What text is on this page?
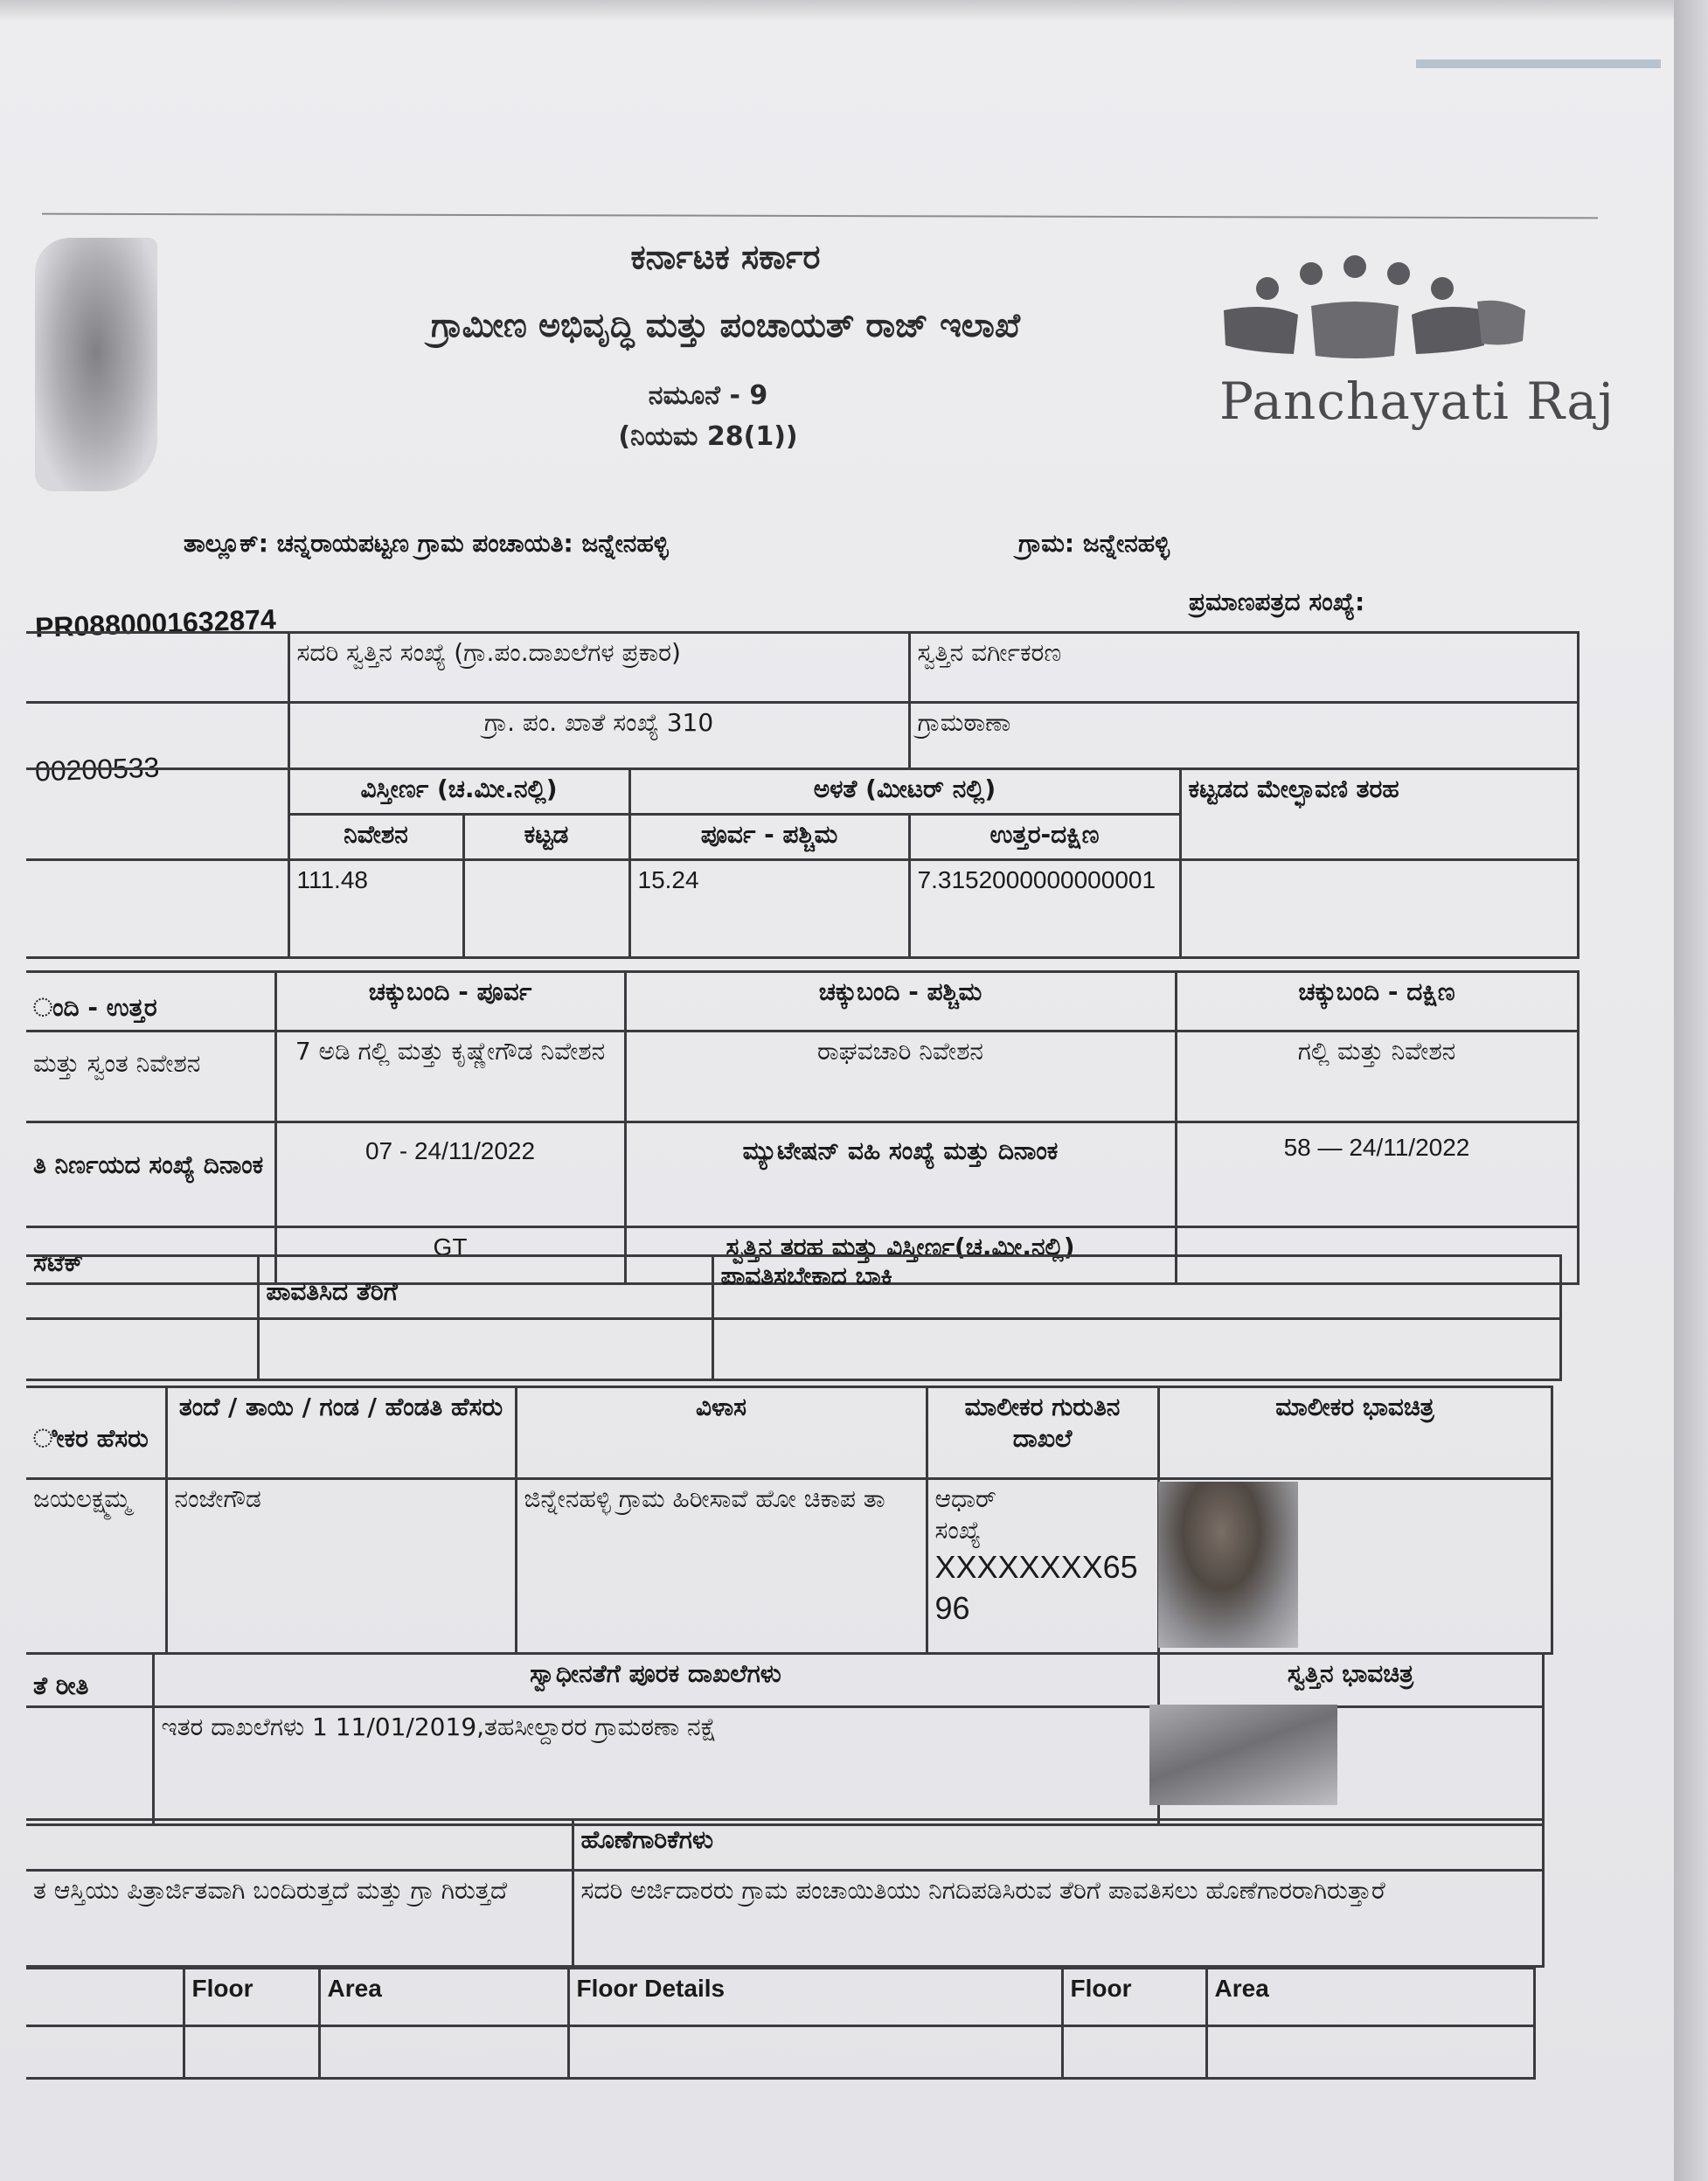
ಕರ್ನಾಟಕ ಸರ್ಕಾರ
ಗ್ರಾಮೀಣ ಅಭಿವೃದ್ಧಿ ಮತ್ತು ಪಂಚಾಯತ್ ರಾಜ್ ಇಲಾಖೆ
ನಮೂನೆ - 9
(ನಿಯಮ 28(1))
Panchayati Raj
ತಾಲ್ಲೂಕ್: ಚನ್ನರಾಯಪಟ್ಟಣ ಗ್ರಾಮ ಪಂಚಾಯತಿ: ಜನ್ನೇನಹಳ್ಳಿ	ಗ್ರಾಮ: ಜನ್ನೇನಹಳ್ಳಿ
ಪ್ರಮಾಣಪತ್ರದ ಸಂಖ್ಯೆ:
PR0880001632874
00200533
	ಸದರಿ ಸ್ವತ್ತಿನ ಸಂಖ್ಯೆ (ಗ್ರಾ.ಪಂ.ದಾಖಲೆಗಳ ಪ್ರಕಾರ)			ಸ್ವತ್ತಿನ ವರ್ಗೀಕರಣ	
	ಗ್ರಾ. ಪಂ. ಖಾತೆ ಸಂಖ್ಯೆ 310			ಗ್ರಾಮಠಾಣಾ	
	ವಿಸ್ತೀರ್ಣ (ಚ.ಮೀ.ನಲ್ಲಿ)		ಅಳತೆ (ಮೀಟರ್ ನಲ್ಲಿ)		ಕಟ್ಟಡದ ಮೇಲ್ಛಾವಣಿ ತರಹ
	ನಿವೇಶನ	ಕಟ್ಟಡ	ಪೂರ್ವ - ಪಶ್ಚಿಮ	ಉತ್ತರ-ದಕ್ಷಿಣ	
	111.48		15.24	7.3152000000000001	
ಂದಿ - ಉತ್ತರ	ಚಕ್ಕುಬಂದಿ - ಪೂರ್ವ	ಚಕ್ಕುಬಂದಿ - ಪಶ್ಚಿಮ	ಚಕ್ಕುಬಂದಿ - ದಕ್ಷಿಣ
ಮತ್ತು ಸ್ವಂತ ನಿವೇಶನ	7 ಅಡಿ ಗಲ್ಲಿ ಮತ್ತು ಕೃಷ್ಣೇಗೌಡ ನಿವೇಶನ	ರಾಘವಚಾರಿ ನಿವೇಶನ	ಗಲ್ಲಿ ಮತ್ತು ನಿವೇಶನ
ತಿ ನಿರ್ಣಯದ ಸಂಖ್ಯೆ ದಿನಾಂಕ	07 - 24/11/2022	ಮ್ಯುಟೇಷನ್ ವಹಿ ಸಂಖ್ಯೆ ಮತ್ತು ದಿನಾಂಕ	58 — 24/11/2022
ಸೆಟೆಕ್	GT	ಸ್ವತ್ತಿನ ತರಹ ಮತ್ತು ವಿಸ್ತೀರ್ಣ(ಚ.ಮೀ.ನಲ್ಲಿ)	
	ಪಾವತಿಸಿದ ತೆರಿಗೆ	ಪಾವತಿಸಬೇಕಾದ ಬಾಕಿ

ೀಕರ ಹೆಸರು	ತಂದೆ / ತಾಯಿ / ಗಂಡ / ಹೆಂಡತಿ ಹೆಸರು	ವಿಳಾಸ	ಮಾಲೀಕರ ಗುರುತಿನ ದಾಖಲೆ	ಮಾಲೀಕರ ಭಾವಚಿತ್ರ
ಜಯಲಕ್ಷ್ಮಮ್ಮ	ನಂಜೇಗೌಡ	ಜಿನ್ನೇನಹಳ್ಳಿ ಗ್ರಾಮ ಹಿರೀಸಾವೆ ಹೋ ಚಿಕಾಪ ತಾ	ಆಧಾರ್ ಸಂಖ್ಯೆ
XXXXXXXX6596	

ತೆ ರೀತಿ	ಸ್ವಾಧೀನತೆಗೆ ಪೂರಕ ದಾಖಲೆಗಳು	ಸ್ವತ್ತಿನ ಭಾವಚಿತ್ರ
	ಇತರ ದಾಖಲೆಗಳು 1 11/01/2019,ತಹಸೀಲ್ದಾರರ ಗ್ರಾಮಠಣಾ ನಕ್ಷೆ	
	ಹೊಣೆಗಾರಿಕೆಗಳು
ತ ಆಸ್ತಿಯು ಪಿತ್ರಾರ್ಜಿತವಾಗಿ ಬಂದಿರುತ್ತದೆ ಮತ್ತು ಗ್ರಾ ಗಿರುತ್ತದೆ	ಸದರಿ ಅರ್ಜಿದಾರರು ಗ್ರಾಮ ಪಂಚಾಯಿತಿಯು ನಿಗದಿಪಡಿಸಿರುವ ತೆರಿಗೆ ಪಾವತಿಸಲು ಹೊಣೆಗಾರರಾಗಿರುತ್ತಾರೆ
	Floor	Area	Floor Details	Floor	Area
